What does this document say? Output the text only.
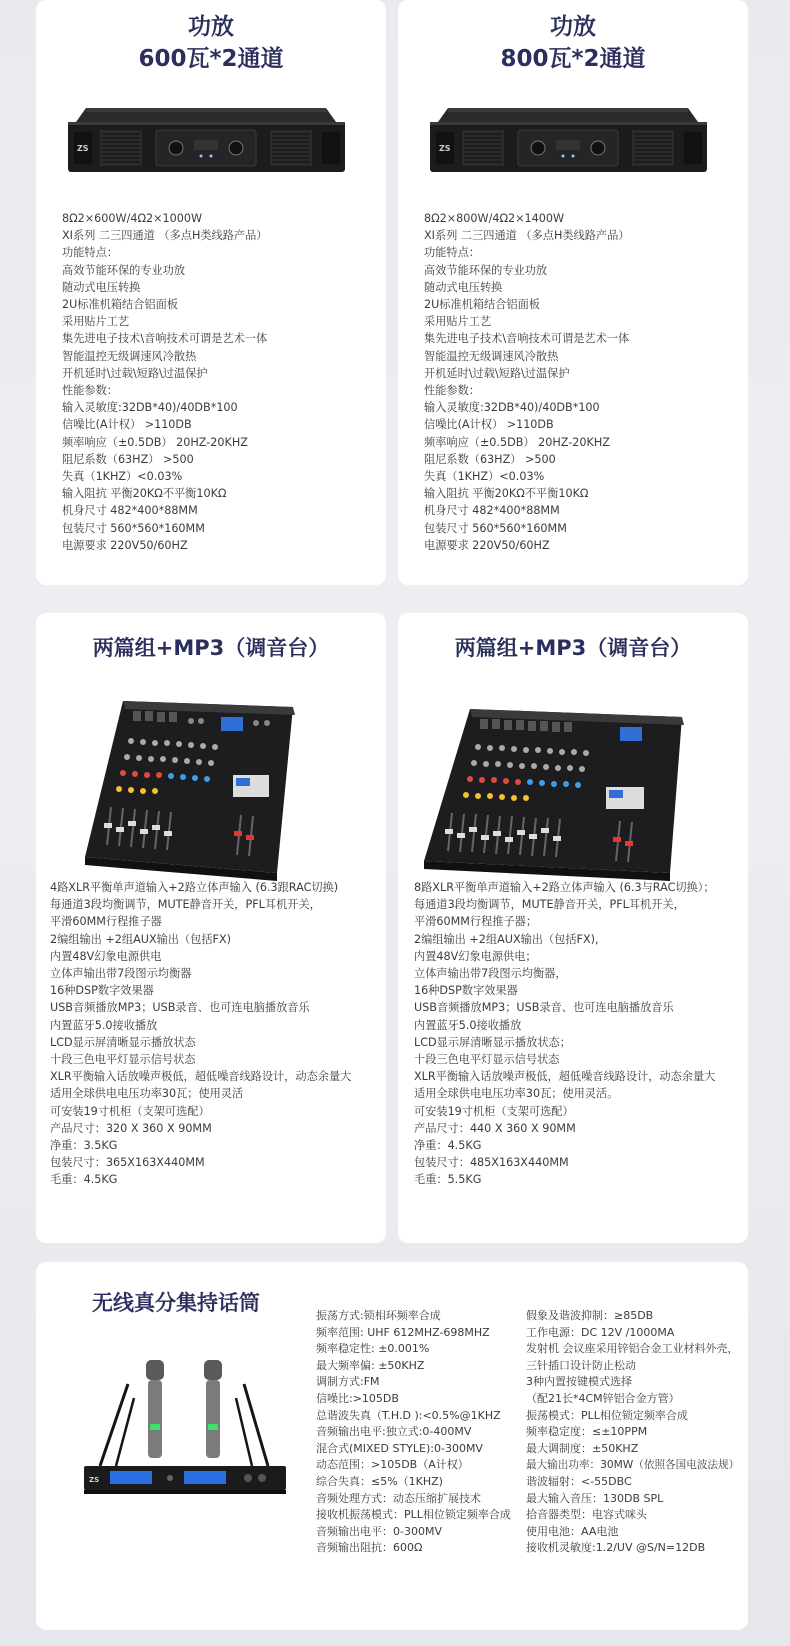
功放
600瓦*2通道
ZS
8Ω2×600W/4Ω2×1000W
XI系列 二三四通道 （多点H类线路产品）
功能特点：
高效节能环保的专业功放
随动式电压转换
2U标准机箱结合铝面板
采用贴片工艺
集先进电子技术\音响技术可谓是艺术一体
智能温控无级调速风冷散热
开机延时\过载\短路\过温保护
性能参数：
输入灵敏度:32DB*40)/40DB*100
信噪比(A计权） >110DB
频率响应（±0.5DB） 20HZ-20KHZ
阻尼系数（63HZ） >500
失真（1KHZ）<0.03%
输入阻抗 平衡20KΩ不平衡10KΩ
机身尺寸 482*400*88MM
包装尺寸 560*560*160MM
电源要求 220V50/60HZ
功放
800瓦*2通道
ZS
8Ω2×800W/4Ω2×1400W
XI系列 二三四通道 （多点H类线路产品）
功能特点：
高效节能环保的专业功放
随动式电压转换
2U标准机箱结合铝面板
采用贴片工艺
集先进电子技术\音响技术可谓是艺术一体
智能温控无级调速风冷散热
开机延时\过载\短路\过温保护
性能参数：
输入灵敏度:32DB*40)/40DB*100
信噪比(A计权） >110DB
频率响应（±0.5DB） 20HZ-20KHZ
阻尼系数（63HZ） >500
失真（1KHZ）<0.03%
输入阻抗 平衡20KΩ不平衡10KΩ
机身尺寸 482*400*88MM
包装尺寸 560*560*160MM
电源要求 220V50/60HZ
两篇组+MP3（调音台）
4路XLR平衡单声道输入+2路立体声输入 (6.3跟RAC切换)
每通道3段均衡调节，MUTE静音开关，PFL耳机开关，
平滑60MM行程推子器
2编组输出 +2组AUX输出（包括FX)
内置48V幻象电源供电
立体声输出带7段图示均衡器
16种DSP数字效果器
USB音频播放MP3；USB录音、也可连电脑播放音乐
内置蓝牙5.0接收播放
LCD显示屏清晰显示播放状态
十段三色电平灯显示信号状态
XLR平衡输入话放噪声极低，超低噪音线路设计，动态余量大
适用全球供电电压功率30瓦；使用灵活
可安装19寸机柜（支架可选配）
产品尺寸：320 X 360 X 90MM
净重：3.5KG
包装尺寸：365X163X440MM
毛重：4.5KG
两篇组+MP3（调音台）
8路XLR平衡单声道输入+2路立体声输入 (6.3与RAC切换）；
每通道3段均衡调节，MUTE静音开关，PFL耳机开关，
平滑60MM行程推子器；
2编组输出 +2组AUX输出（包括FX),
内置48V幻象电源供电；
立体声输出带7段图示均衡器，
16种DSP数字效果器
USB音频播放MP3；USB录音、也可连电脑播放音乐
内置蓝牙5.0接收播放
LCD显示屏清晰显示播放状态；
十段三色电平灯显示信号状态
XLR平衡输入话放噪声极低，超低噪音线路设计，动态余量大
适用全球供电电压功率30瓦；使用灵活。
可安装19寸机柜（支架可选配）
产品尺寸：440 X 360 X 90MM
净重：4.5KG
包装尺寸：485X163X440MM
毛重：5.5KG
无线真分集持话筒
ZS
振荡方式:锁相环频率合成
频率范围: UHF 612MHZ-698MHZ
频率稳定性: ±0.001%
最大频率偏: ±50KHZ
调制方式:FM
信噪比:>105DB
总谐波失真（T.H.D ):<0.5%@1KHZ
音频输出电平:独立式:0-400MV
混合式(MIXED STYLE):0-300MV
动态范围：>105DB（A计权）
综合失真：≤5%（1KHZ)
音频处理方式：动态压缩扩展技术
接收机振荡模式：PLL相位锁定频率合成
音频输出电平：0-300MV
音频输出阻抗：600Ω
假象及谐波抑制：≥85DB
工作电源：DC 12V /1000MA
发射机 会议座采用锌铝合金工业材料外壳，
三针插口设计防止松动
3种内置按键模式选择
（配21长*4CM锌铝合金方管）
振荡模式：PLL相位锁定频率合成
频率稳定度：≤±10PPM
最大调制度：±50KHZ
最大输出功率：30MW（依照各国电波法规）
谐波辐射：<-55DBC
最大输入音压：130DB SPL
拾音器类型：电容式咪头
使用电池：AA电池
接收机灵敏度:1.2/UV @S/N=12DB
